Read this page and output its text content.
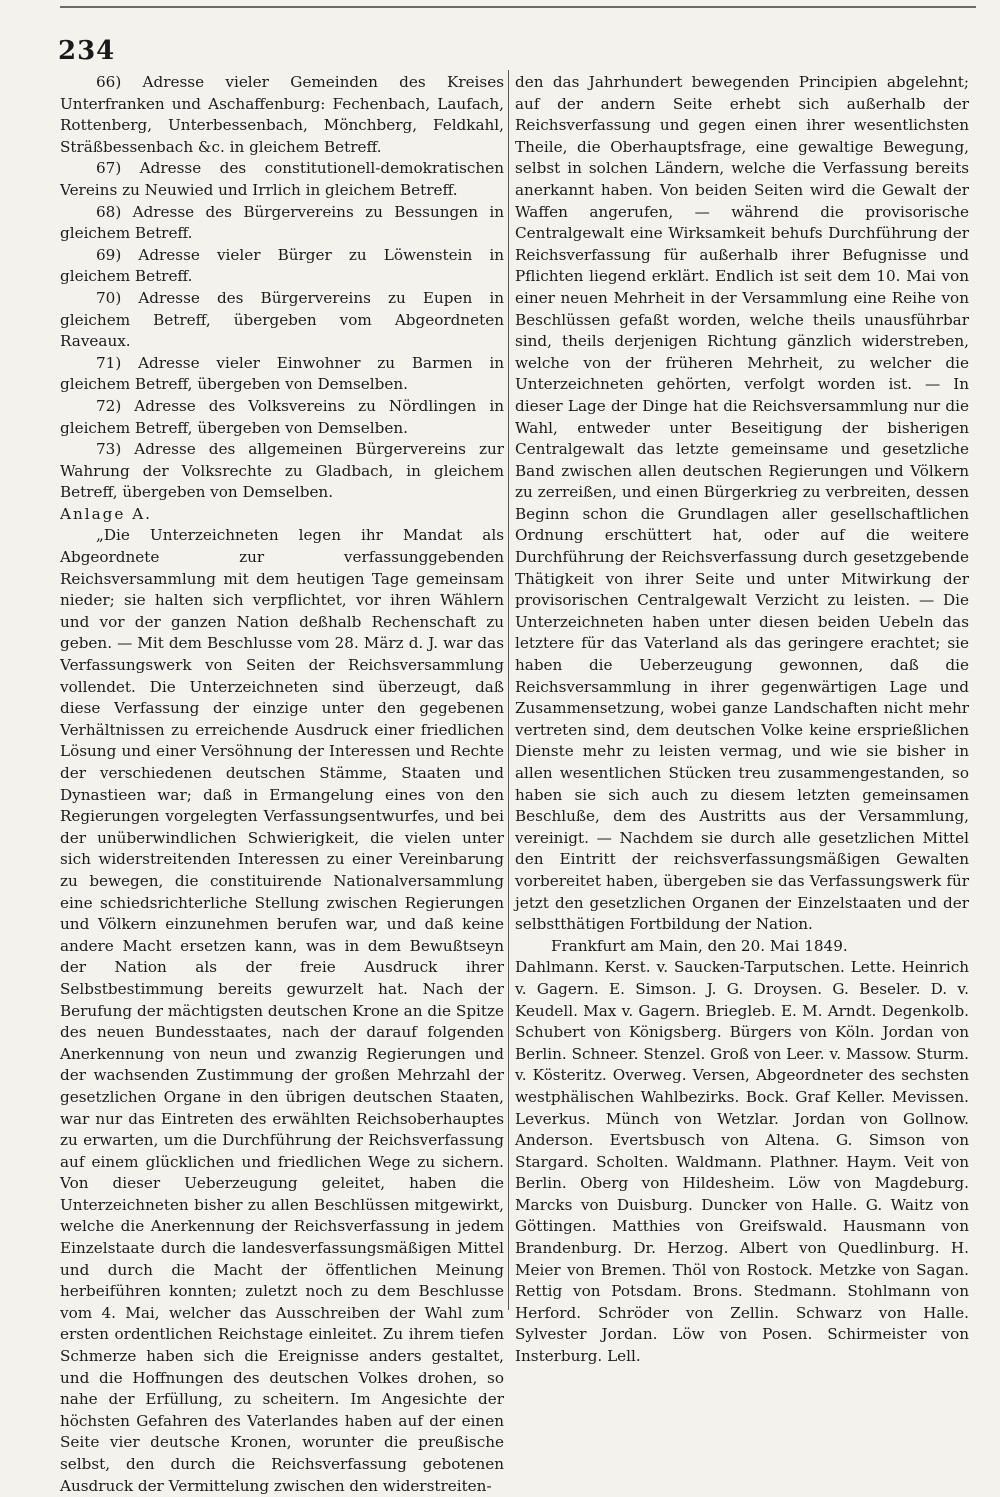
234

66) Adresse vieler Gemeinden des Kreises Unterfranken und Aschaffenburg: Fechenbach, Laufach, Rottenberg, Unterbessenbach, Mönchberg, Feldkahl, Sträßbessenbach &c. in gleichem Betreff.

67) Adresse des constitutionell-demokratischen Vereins zu Neuwied und Irrlich in gleichem Betreff.

68) Adresse des Bürgervereins zu Bessungen in gleichem Betreff.

69) Adresse vieler Bürger zu Löwenstein in gleichem Betreff.

70) Adresse des Bürgervereins zu Eupen in gleichem Betreff, übergeben vom Abgeordneten Raveaux.

71) Adresse vieler Einwohner zu Barmen in gleichem Betreff, übergeben von Demselben.

72) Adresse des Volksvereins zu Nördlingen in gleichem Betreff, übergeben von Demselben.

73) Adresse des allgemeinen Bürgervereins zur Wahrung der Volksrechte zu Gladbach, in gleichem Betreff, übergeben von Demselben.

Anlage A.

„Die Unterzeichneten legen ihr Mandat als Abgeordnete zur verfassunggebenden Reichsversammlung mit dem heutigen Tage gemeinsam nieder; sie halten sich verpflichtet, vor ihren Wählern und vor der ganzen Nation deßhalb Rechenschaft zu geben. — Mit dem Beschlusse vom 28. März d. J. war das Verfassungswerk von Seiten der Reichsversammlung vollendet. Die Unterzeichneten sind überzeugt, daß diese Verfassung der einzige unter den gegebenen Verhältnissen zu erreichende Ausdruck einer friedlichen Lösung und einer Versöhnung der Interessen und Rechte der verschiedenen deutschen Stämme, Staaten und Dynastieen war; daß in Ermangelung eines von den Regierungen vorgelegten Verfassungsentwurfes, und bei der unüberwindlichen Schwierigkeit, die vielen unter sich widerstreitenden Interessen zu einer Vereinbarung zu bewegen, die constituirende Nationalversammlung eine schiedsrichterliche Stellung zwischen Regierungen und Völkern einzunehmen berufen war, und daß keine andere Macht ersetzen kann, was in dem Bewußtseyn der Nation als der freie Ausdruck ihrer Selbstbestimmung bereits gewurzelt hat. Nach der Berufung der mächtigsten deutschen Krone an die Spitze des neuen Bundesstaates, nach der darauf folgenden Anerkennung von neun und zwanzig Regierungen und der wachsenden Zustimmung der großen Mehrzahl der gesetzlichen Organe in den übrigen deutschen Staaten, war nur das Eintreten des erwählten Reichsoberhauptes zu erwarten, um die Durchführung der Reichsverfassung auf einem glücklichen und friedlichen Wege zu sichern. Von dieser Ueberzeugung geleitet, haben die Unterzeichneten bisher zu allen Beschlüssen mitgewirkt, welche die Anerkennung der Reichsverfassung in jedem Einzelstaate durch die landesverfassungsmäßigen Mittel und durch die Macht der öffentlichen Meinung herbeiführen konnten; zuletzt noch zu dem Beschlusse vom 4. Mai, welcher das Ausschreiben der Wahl zum ersten ordentlichen Reichstage einleitet. Zu ihrem tiefen Schmerze haben sich die Ereignisse anders gestaltet, und die Hoffnungen des deutschen Volkes drohen, so nahe der Erfüllung, zu scheitern. Im Angesichte der höchsten Gefahren des Vaterlandes haben auf der einen Seite vier deutsche Kronen, worunter die preußische selbst, den durch die Reichsverfassung gebotenen Ausdruck der Vermittelung zwischen den widerstreiten-

den das Jahrhundert bewegenden Principien abgelehnt; auf der andern Seite erhebt sich außerhalb der Reichsverfassung und gegen einen ihrer wesentlichsten Theile, die Oberhauptsfrage, eine gewaltige Bewegung, selbst in solchen Ländern, welche die Verfassung bereits anerkannt haben. Von beiden Seiten wird die Gewalt der Waffen angerufen, — während die provisorische Centralgewalt eine Wirksamkeit behufs Durchführung der Reichsverfassung für außerhalb ihrer Befugnisse und Pflichten liegend erklärt. Endlich ist seit dem 10. Mai von einer neuen Mehrheit in der Versammlung eine Reihe von Beschlüssen gefaßt worden, welche theils unausführbar sind, theils derjenigen Richtung gänzlich widerstreben, welche von der früheren Mehrheit, zu welcher die Unterzeichneten gehörten, verfolgt worden ist. — In dieser Lage der Dinge hat die Reichsversammlung nur die Wahl, entweder unter Beseitigung der bisherigen Centralgewalt das letzte gemeinsame und gesetzliche Band zwischen allen deutschen Regierungen und Völkern zu zerreißen, und einen Bürgerkrieg zu verbreiten, dessen Beginn schon die Grundlagen aller gesellschaftlichen Ordnung erschüttert hat, oder auf die weitere Durchführung der Reichsverfassung durch gesetzgebende Thätigkeit von ihrer Seite und unter Mitwirkung der provisorischen Centralgewalt Verzicht zu leisten. — Die Unterzeichneten haben unter diesen beiden Uebeln das letztere für das Vaterland als das geringere erachtet; sie haben die Ueberzeugung gewonnen, daß die Reichsversammlung in ihrer gegenwärtigen Lage und Zusammensetzung, wobei ganze Landschaften nicht mehr vertreten sind, dem deutschen Volke keine ersprießlichen Dienste mehr zu leisten vermag, und wie sie bisher in allen wesentlichen Stücken treu zusammengestanden, so haben sie sich auch zu diesem letzten gemeinsamen Beschluße, dem des Austritts aus der Versammlung, vereinigt. — Nachdem sie durch alle gesetzlichen Mittel den Eintritt der reichsverfassungsmäßigen Gewalten vorbereitet haben, übergeben sie das Verfassungswerk für jetzt den gesetzlichen Organen der Einzelstaaten und der selbstthätigen Fortbildung der Nation.

Frankfurt am Main, den 20. Mai 1849.

Dahlmann. Kerst. v. Saucken-Tarputschen. Lette. Heinrich v. Gagern. E. Simson. J. G. Droysen. G. Beseler. D. v. Keudell. Max v. Gagern. Briegleb. E. M. Arndt. Degenkolb. Schubert von Königsberg. Bürgers von Köln. Jordan von Berlin. Schneer. Stenzel. Groß von Leer. v. Massow. Sturm. v. Kösteritz. Overweg. Versen, Abgeordneter des sechsten westphälischen Wahlbezirks. Bock. Graf Keller. Mevissen. Leverkus. Münch von Wetzlar. Jordan von Gollnow. Anderson. Evertsbusch von Altena. G. Simson von Stargard. Scholten. Waldmann. Plathner. Haym. Veit von Berlin. Oberg von Hildesheim. Löw von Magdeburg. Marcks von Duisburg. Duncker von Halle. G. Waitz von Göttingen. Matthies von Greifswald. Hausmann von Brandenburg. Dr. Herzog. Albert von Quedlinburg. H. Meier von Bremen. Thöl von Rostock. Metzke von Sagan. Rettig von Potsdam. Brons. Stedmann. Stohlmann von Herford. Schröder von Zellin. Schwarz von Halle. Sylvester Jordan. Löw von Posen. Schirmeister von Insterburg. Lell.
